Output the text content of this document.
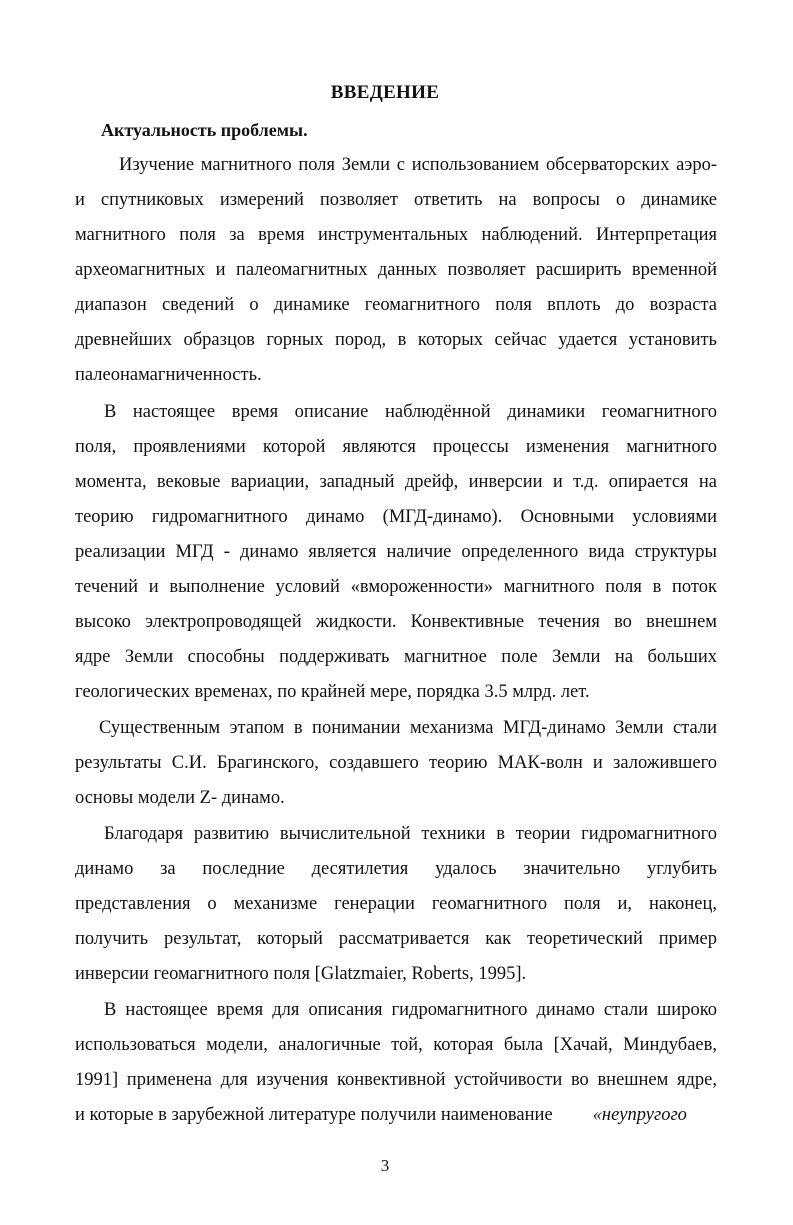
ВВЕДЕНИЕ
Актуальность проблемы.
Изучение магнитного поля Земли с использованием обсерваторских аэро-
и спутниковых измерений позволяет ответить на вопросы о динамике
магнитного поля за время инструментальных наблюдений. Интерпретация
археомагнитных и палеомагнитных данных позволяет расширить временной
диапазон сведений о динамике геомагнитного поля вплоть до возраста
древнейших образцов горных пород, в которых сейчас удается установить
палеонамагниченность.
В настоящее время описание наблюдённой динамики геомагнитного
поля, проявлениями которой являются процессы изменения магнитного
момента, вековые вариации, западный дрейф, инверсии и т.д. опирается на
теорию гидромагнитного динамо (МГД-динамо). Основными условиями
реализации МГД - динамо является наличие определенного вида структуры
течений и выполнение условий «вмороженности» магнитного поля в поток
высоко электропроводящей жидкости. Конвективные течения во внешнем
ядре Земли способны поддерживать магнитное поле Земли на больших
геологических временах, по крайней мере, порядка 3.5 млрд. лет.
Существенным этапом в понимании механизма МГД-динамо Земли стали
результаты С.И. Брагинского, создавшего теорию МАК-волн и заложившего
основы модели Z- динамо.
Благодаря развитию вычислительной техники в теории гидромагнитного
динамо за последние десятилетия удалось значительно углубить
представления о механизме генерации геомагнитного поля и, наконец,
получить результат, который рассматривается как теоретический пример
инверсии геомагнитного поля [Glatzmaier, Roberts, 1995].
В настоящее время для описания гидромагнитного динамо стали широко
использоваться модели, аналогичные той, которая была [Хачай, Миндубаев,
1991] применена для изучения конвективной устойчивости во внешнем ядре,
и которые в зарубежной литературе получили наименование «неупругого
3
